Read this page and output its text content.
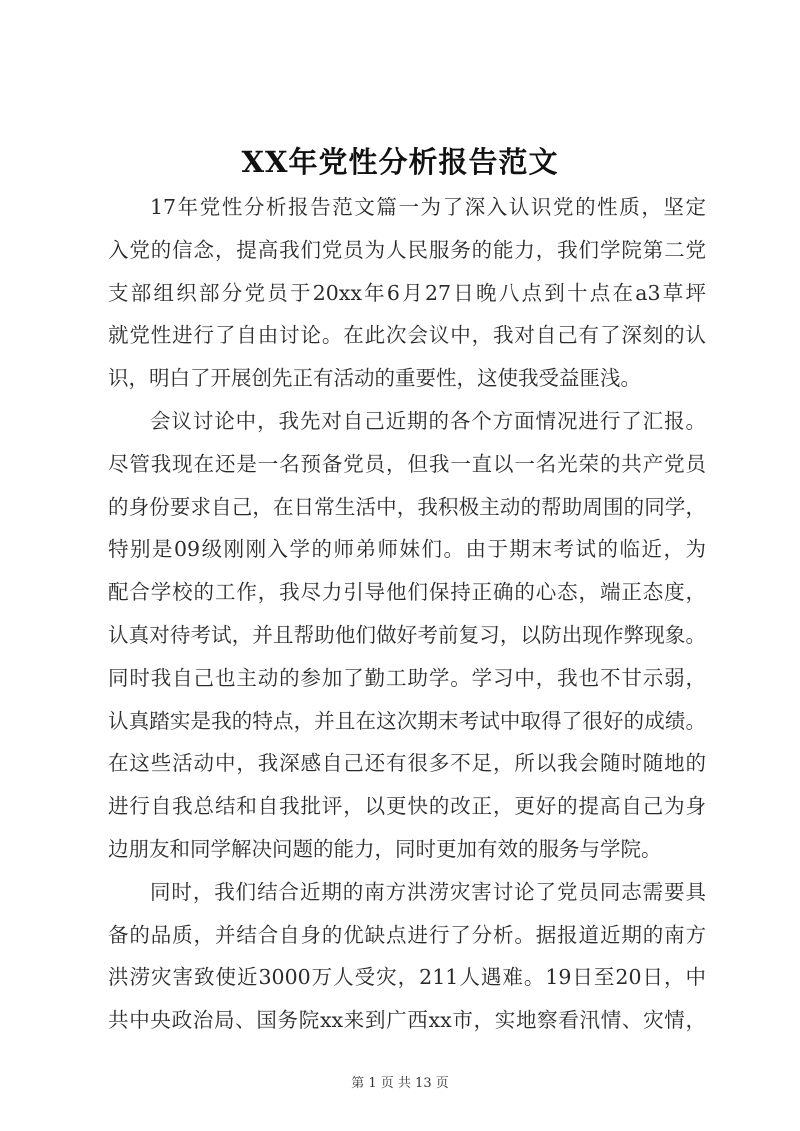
XX年党性分析报告范文
17年党性分析报告范文篇一为了深入认识党的性质，坚定
入党的信念，提高我们党员为人民服务的能力，我们学院第二党
支部组织部分党员于20xx年6月27日晚八点到十点在a3草坪
就党性进行了自由讨论。在此次会议中，我对自己有了深刻的认
识，明白了开展创先正有活动的重要性，这使我受益匪浅。
会议讨论中，我先对自己近期的各个方面情况进行了汇报。
尽管我现在还是一名预备党员，但我一直以一名光荣的共产党员
的身份要求自己，在日常生活中，我积极主动的帮助周围的同学，
特别是09级刚刚入学的师弟师妹们。由于期末考试的临近，为
配合学校的工作，我尽力引导他们保持正确的心态，端正态度，
认真对待考试，并且帮助他们做好考前复习，以防出现作弊现象。
同时我自己也主动的参加了勤工助学。学习中，我也不甘示弱，
认真踏实是我的特点，并且在这次期末考试中取得了很好的成绩。
在这些活动中，我深感自己还有很多不足，所以我会随时随地的
进行自我总结和自我批评，以更快的改正，更好的提高自己为身
边朋友和同学解决问题的能力，同时更加有效的服务与学院。
同时，我们结合近期的南方洪涝灾害讨论了党员同志需要具
备的品质，并结合自身的优缺点进行了分析。据报道近期的南方
洪涝灾害致使近3000万人受灾，211人遇难。19日至20日，中
共中央政治局、国务院xx来到广西xx市，实地察看汛情、灾情，
第 1 页 共 13 页
